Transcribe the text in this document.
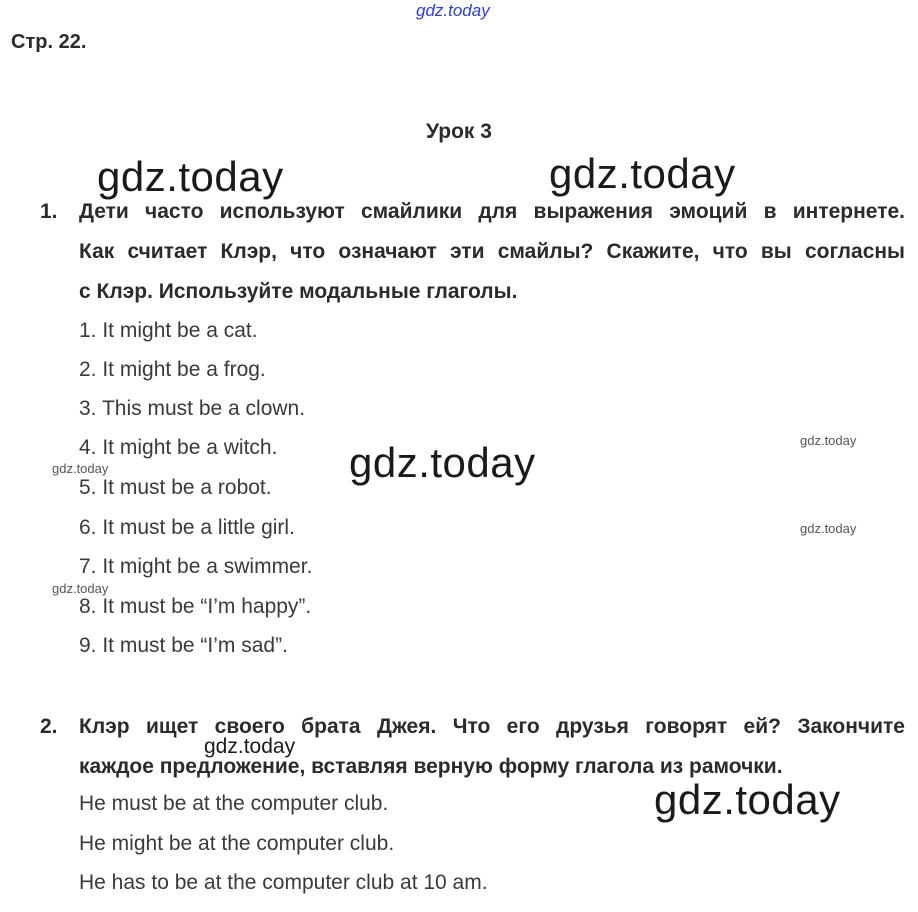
gdz.today
Стр. 22.
Урок 3
gdz.today	gdz.today
gdz.today
gdz.today
1. Дети часто используют смайлики для выражения эмоций в интернете.
Как считает Клэр, что означают эти смайлы? Скажите, что вы согласны
с Клэр. Используйте модальные глаголы.
1. It might be a cat.
2. It might be a frog.
3. This must be a clown.
4. It might be a witch.
5. It must be a robot.
6. It must be a little girl.
7. It might be a swimmer.
8. It must be “I’m happy”.
9. It must be “I’m sad”.
gdz.today
gdz.today
gdz.today
gdz.today
2. Клэр ищет своего брата Джея. Что его друзья говорят ей? Закончите
каждое предложение, вставляя верную форму глагола из рамочки.
gdz.today
He must be at the computer club.
He might be at the computer club.
He has to be at the computer club at 10 am.
